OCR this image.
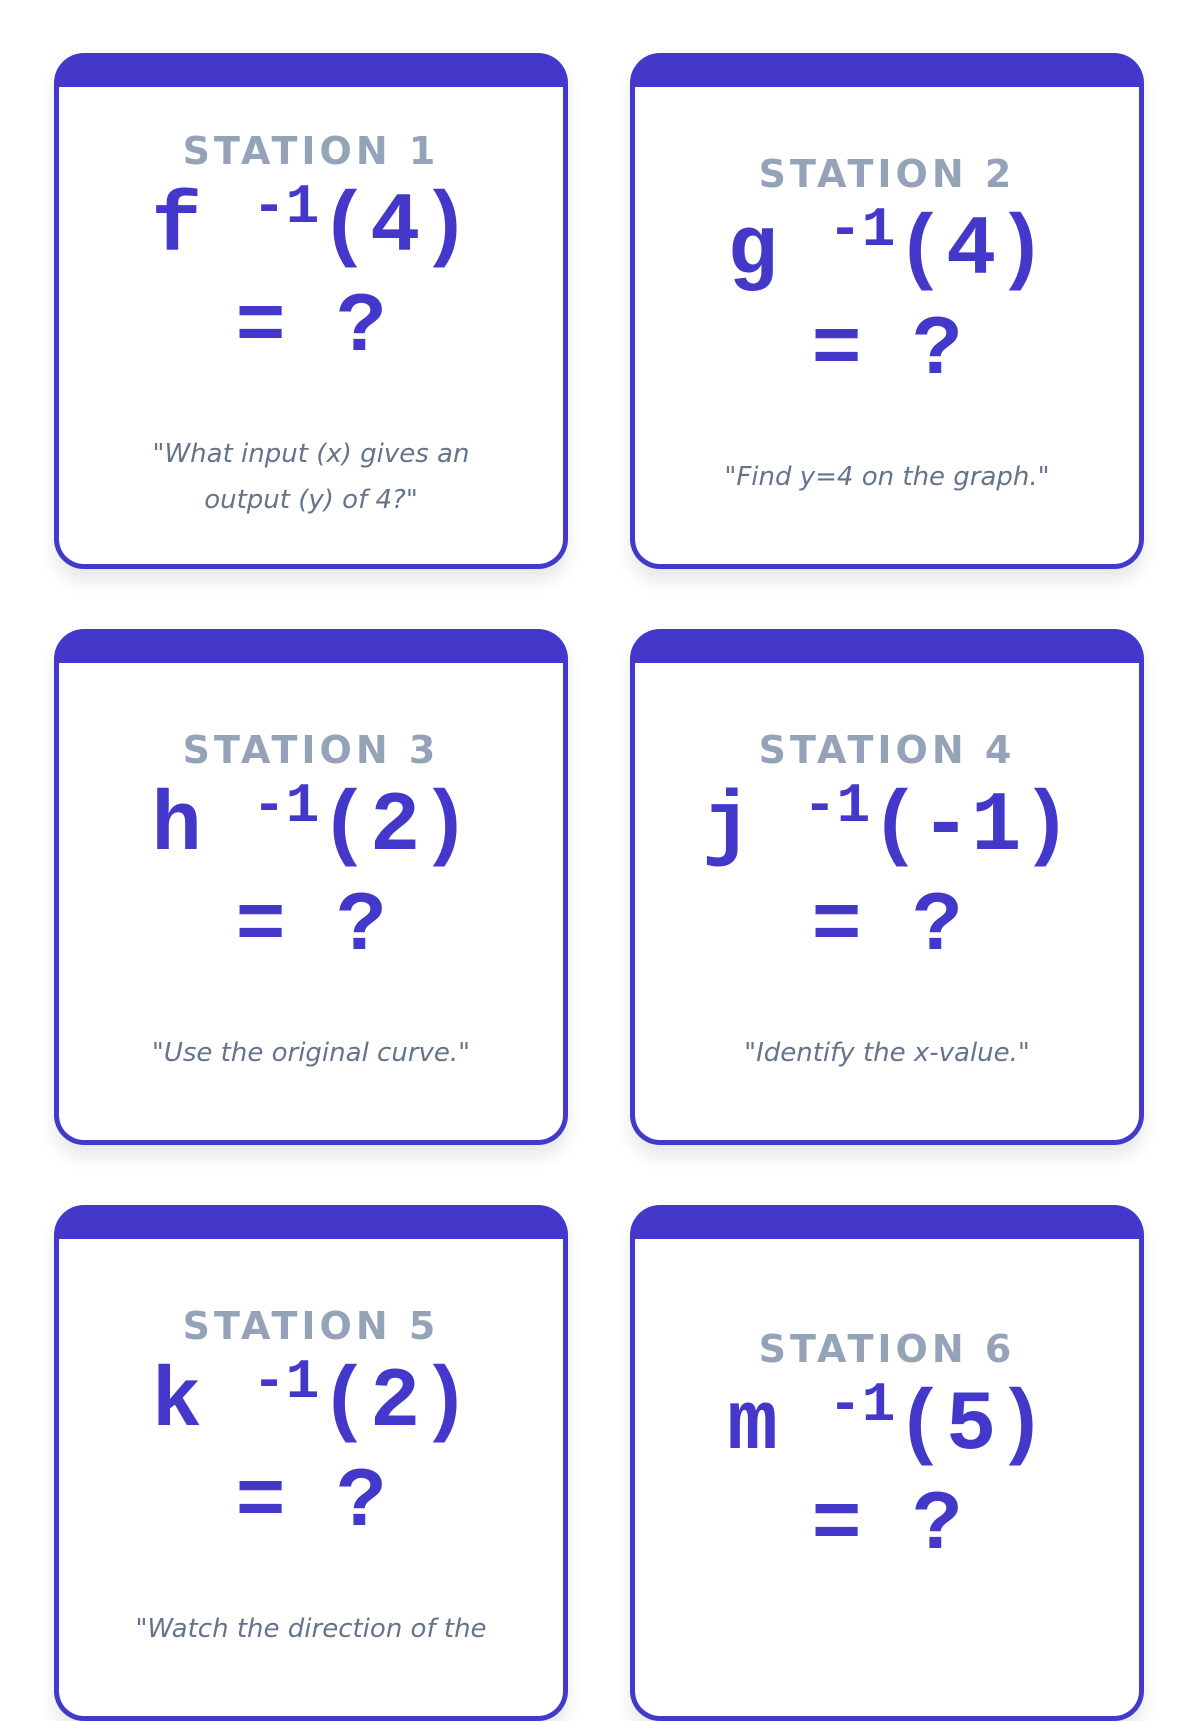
STATION 1

f $^{-1}$(4) = ?

"What input (x) gives an output (y) of 4?"

STATION 2

g $^{-1}$(4) = ?

"Find y=4 on the graph."

STATION 3

h $^{-1}$(2) = ?

"Use the original curve."

STATION 4

j $^{-1}$(-1) = ?

"Identify the x-value."

STATION 5

k $^{-1}$(2) = ?

"Watch the direction of the

STATION 6

m $^{-1}$(5) = ?
